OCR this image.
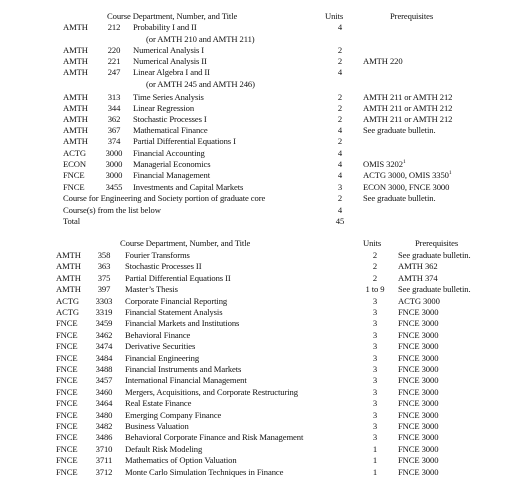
Course Department, Number, and Title	Units	Prerequisites
AMTH	212	Probability I and II	4
(or AMTH 210 and AMTH 211)
AMTH	220	Numerical Analysis I	2
AMTH	221	Numerical Analysis II	2	AMTH 220
AMTH	247	Linear Algebra I and II	4
(or AMTH 245 and AMTH 246)
AMTH	313	Time Series Analysis	2	AMTH 211 or AMTH 212
AMTH	344	Linear Regression	2	AMTH 211 or AMTH 212
AMTH	362	Stochastic Processes I	2	AMTH 211 or AMTH 212
AMTH	367	Mathematical Finance	4	See graduate bulletin.
AMTH	374	Partial Differential Equations I	2
ACTG	3000	Financial Accounting	4
ECON	3000	Managerial Economics	4	OMIS 3202$^1$
FNCE	3000	Financial Management	4	ACTG 3000, OMIS 3350$^1$
FNCE	3455	Investments and Capital Markets	3	ECON 3000, FNCE 3000
Course for Engineering and Society portion of graduate core	2	See graduate bulletin.
Course(s) from the list below	4
Total	45
Course Department, Number, and Title	Units	Prerequisites
AMTH	358	Fourier Transforms	2	See graduate bulletin.
AMTH	363	Stochastic Processes II	2	AMTH 362
AMTH	375	Partial Differential Equations II	2	AMTH 374
AMTH	397	Master’s Thesis	1 to 9	See graduate bulletin.
ACTG	3303	Corporate Financial Reporting	3	ACTG 3000
ACTG	3319	Financial Statement Analysis	3	FNCE 3000
FNCE	3459	Financial Markets and Institutions	3	FNCE 3000
FNCE	3462	Behavioral Finance	3	FNCE 3000
FNCE	3474	Derivative Securities	3	FNCE 3000
FNCE	3484	Financial Engineering	3	FNCE 3000
FNCE	3488	Financial Instruments and Markets	3	FNCE 3000
FNCE	3457	International Financial Management	3	FNCE 3000
FNCE	3460	Mergers, Acquisitions, and Corporate Restructuring	3	FNCE 3000
FNCE	3464	Real Estate Finance	3	FNCE 3000
FNCE	3480	Emerging Company Finance	3	FNCE 3000
FNCE	3482	Business Valuation	3	FNCE 3000
FNCE	3486	Behavioral Corporate Finance and Risk Management	3	FNCE 3000
FNCE	3710	Default Risk Modeling	1	FNCE 3000
FNCE	3711	Mathematics of Option Valuation	1	FNCE 3000
FNCE	3712	Monte Carlo Simulation Techniques in Finance	1	FNCE 3000
